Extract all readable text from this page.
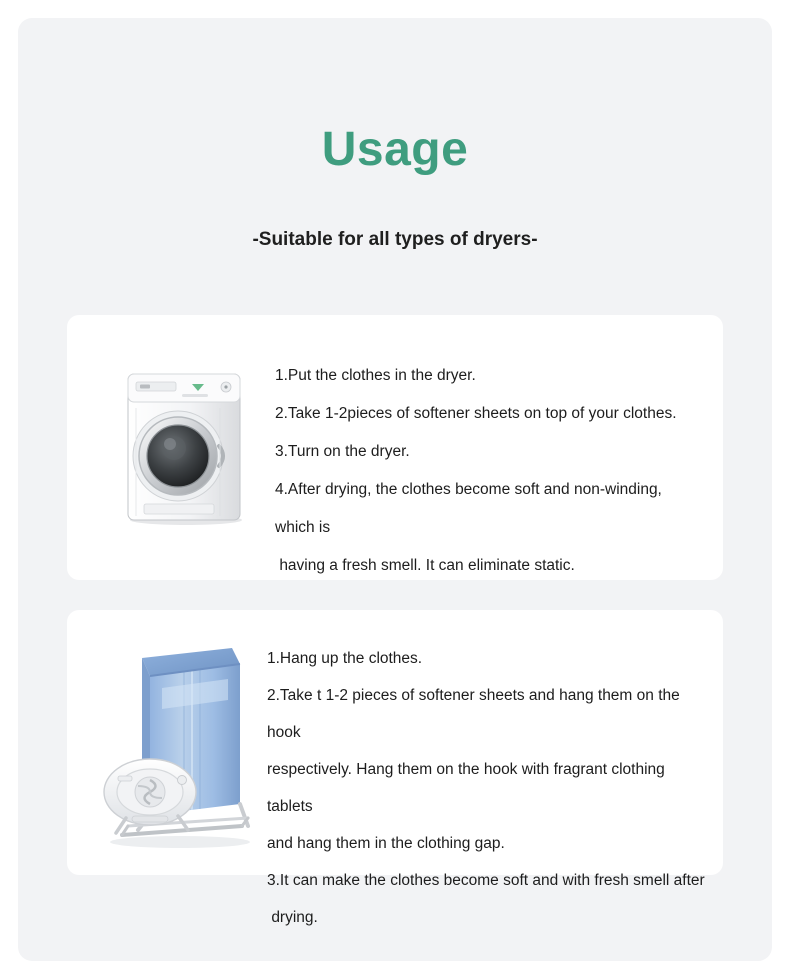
Usage
-Suitable for all types of dryers-
1.Put the clothes in the dryer.
2.Take 1-2pieces of softener sheets on top of your clothes.
3.Turn on the dryer.
4.After drying, the clothes become soft and non-winding, which is
having a fresh smell. It can eliminate static.
1.Hang up the clothes.
2.Take t 1-2 pieces of softener sheets and hang them on the hook
respectively. Hang them on the hook with fragrant clothing tablets
and hang them in the clothing gap.
3.It can make the clothes become soft and with fresh smell after
drying.
